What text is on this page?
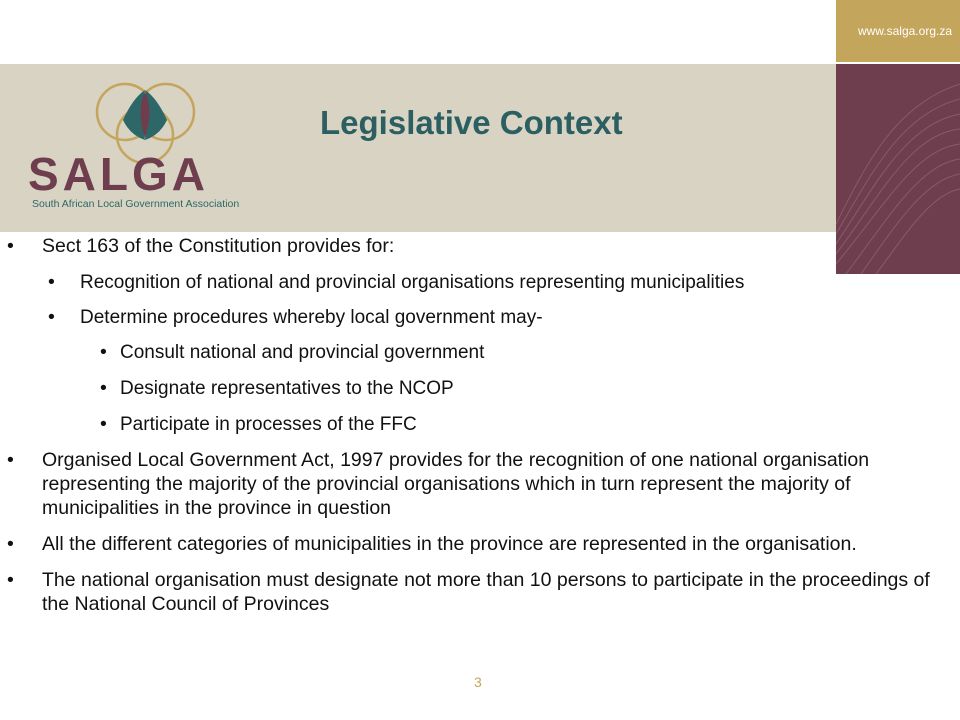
www.salga.org.za
SALGA
South African Local Government Association
Legislative Context
• Sect 163 of the Constitution provides for:
• Recognition of national and provincial organisations representing municipalities
• Determine procedures whereby local government may-
• Consult national and provincial government
• Designate representatives to the NCOP
• Participate in processes of the FFC
• Organised Local Government Act, 1997 provides for the recognition of one national organisation representing the majority of the provincial organisations which in turn represent the majority of municipalities in the province in question
• All the different categories of municipalities in the province are represented in the organisation.
• The national organisation must designate not more than 10 persons to participate in the proceedings of the National Council of Provinces
3
